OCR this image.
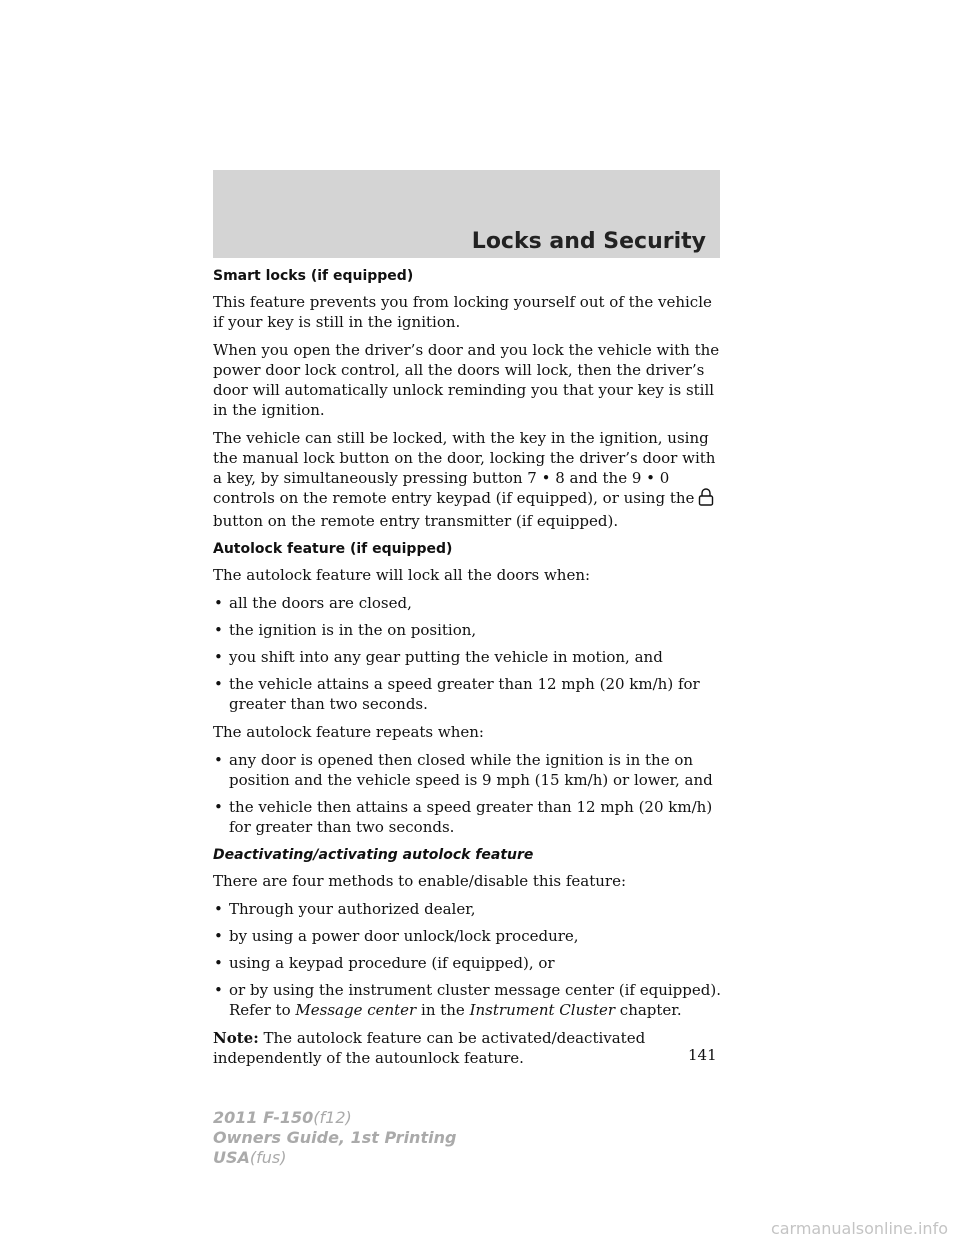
Locks and Security
Smart locks (if equipped)

This feature prevents you from locking yourself out of the vehicle if your key is still in the ignition.

When you open the driver’s door and you lock the vehicle with the power door lock control, all the doors will lock, then the driver’s door will automatically unlock reminding you that your key is still in the ignition.

The vehicle can still be locked, with the key in the ignition, using the manual lock button on the door, locking the driver’s door with a key, by simultaneously pressing button 7 • 8 and the 9 • 0 controls on the remote entry keypad (if equipped), or using thebutton on the remote entry transmitter (if equipped).

Autolock feature (if equipped)

The autolock feature will lock all the doors when:

• all the doors are closed,
• the ignition is in the on position,
• you shift into any gear putting the vehicle in motion, and
• the vehicle attains a speed greater than 12 mph (20 km/h) for greater than two seconds.

The autolock feature repeats when:

• any door is opened then closed while the ignition is in the on position and the vehicle speed is 9 mph (15 km/h) or lower, and
• the vehicle then attains a speed greater than 12 mph (20 km/h) for greater than two seconds.
Deactivating/activating autolock feature

There are four methods to enable/disable this feature:

• Through your authorized dealer,
• by using a power door unlock/lock procedure,
• using a keypad procedure (if equipped), or
• or by using the instrument cluster message center (if equipped). Refer to Message center in the Instrument Cluster chapter.

Note: The autolock feature can be activated/deactivated independently of the autounlock feature.	141
2011 F-150(f12)
Owners Guide, 1st Printing
USA(fus)
carmanualsonline.info
